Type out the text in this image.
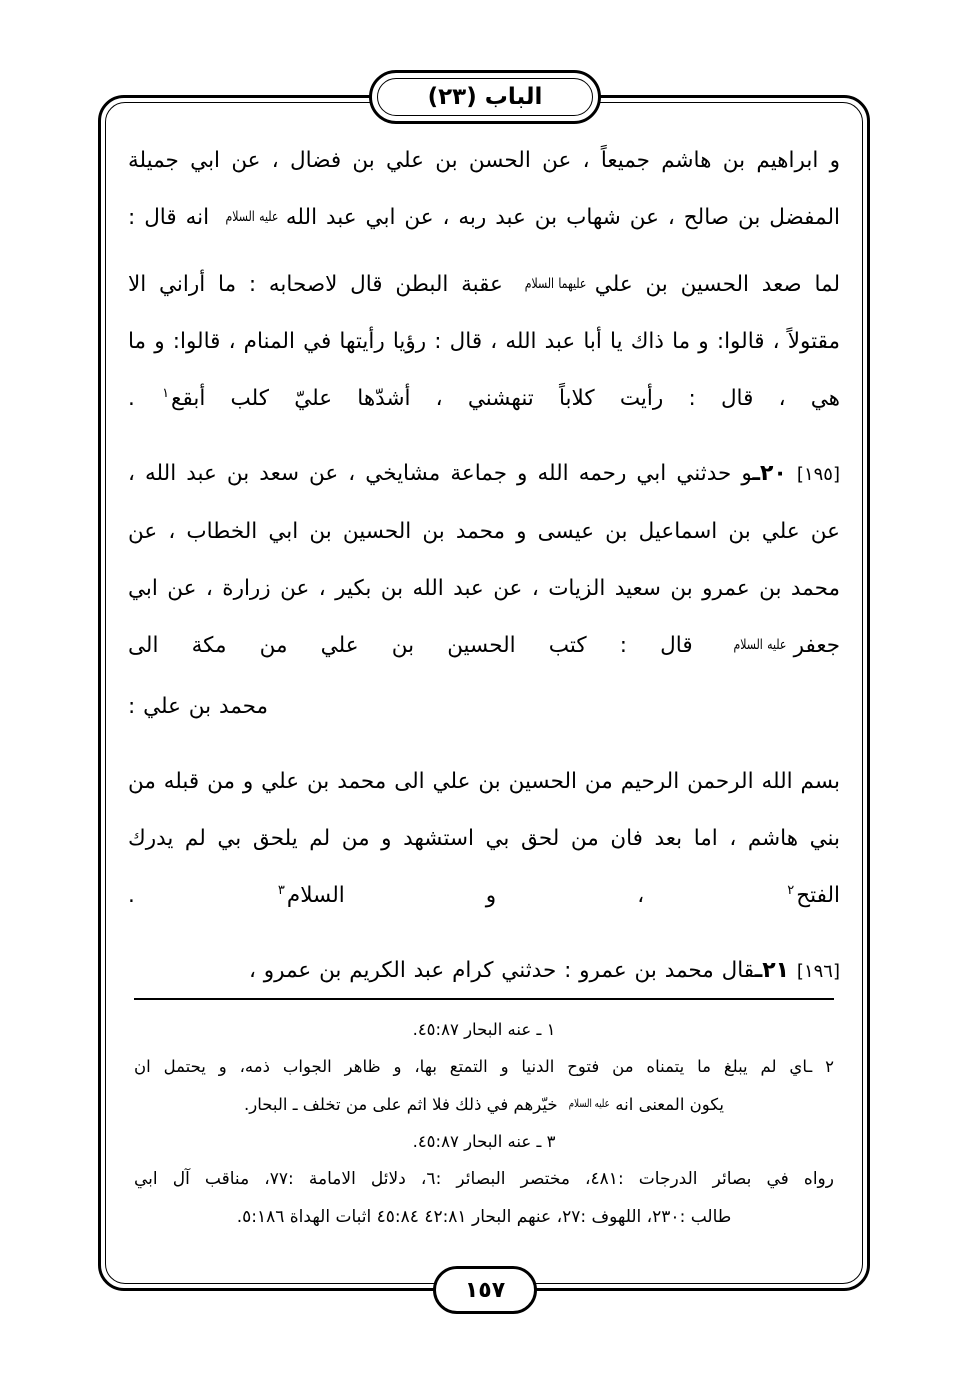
الباب (٢٣)

و ابراهيم بن هاشم جميعاً ، عن الحسن بن علي بن فضال ، عن ابي جميلة المفضل بن صالح ، عن شهاب بن عبد ربه ، عن ابي عبد اللهعليه السلام انه قال :

لما صعد الحسين بن عليعليهما السلام عقبة البطن قال لاصحابه : ما أراني الا مقتولاً ، قالوا: و ما ذاك يا أبا عبد الله ، قال : رؤيا رأيتها في المنام ، قالوا: و ما هي ، قال : رأيت كلاباً تنهشني ، أشدّها عليّ كلب أبقع$^١$ .

[١٩٥] ٢٠ـو حدثني ابي رحمه الله و جماعة مشايخي ، عن سعد بن عبد الله ، عن علي بن اسماعيل بن عيسى و محمد بن الحسين بن ابي الخطاب ، عن محمد بن عمرو بن سعيد الزيات ، عن عبد الله بن بكير ، عن زرارة ، عن ابي جعفرعليه السلام قال : كتب الحسين بن علي من مكة الى

محمد بن علي :

بسم الله الرحمن الرحيم من الحسين بن علي الى محمد بن علي و من قبله من بني هاشم ، اما بعد فان من لحق بي استشهد و من لم يلحق بي لم يدرك الفتح$^٢$ ، و السلام$^٣$ .

[١٩٦] ٢١ـقال محمد بن عمرو : حدثني كرام عبد الكريم بن عمرو ،

١ ـ عنه البحار ٤٥:٨٧.

٢ ـاي لم يبلغ ما يتمناه من فتوح الدنيا و التمتع بها، و ظاهر الجواب ذمه، و يحتمل ان

يكون المعنى انهعليه السلام خيّرهم في ذلك فلا اثم على من تخلف ـ البحار.

٣ ـ عنه البحار ٤٥:٨٧.

رواه في بصائر الدرجات :٤٨١، مختصر البصائر :٦، دلائل الامامة :٧٧، مناقب آل ابي

طالب :٢٣٠، اللهوف :٢٧، عنهم البحار ٤٢:٨١ ٤٥:٨٤ اثبات الهداة ٥:١٨٦.

١٥٧
